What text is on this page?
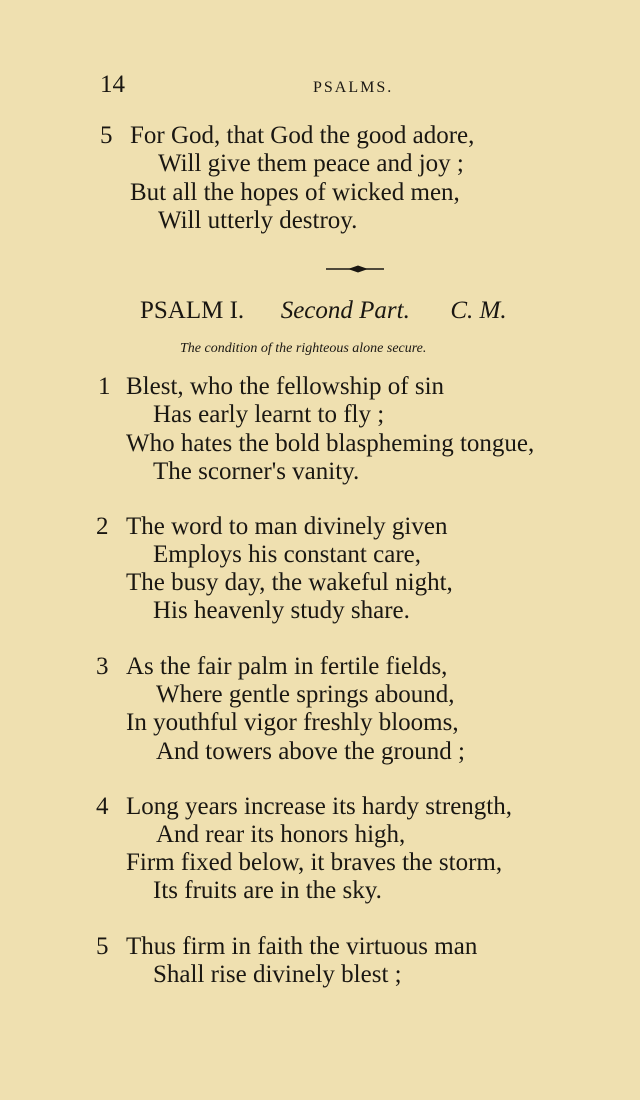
14	PSALMS.
5 For God, that God the good adore,
Will give them peace and joy ;
But all the hopes of wicked men,
Will utterly destroy.
PSALM I. Second Part. C. M.
The condition of the righteous alone secure.
1 Blest, who the fellowship of sin
Has early learnt to fly ;
Who hates the bold blaspheming tongue,
The scorner's vanity.
2 The word to man divinely given
Employs his constant care,
The busy day, the wakeful night,
His heavenly study share.
3 As the fair palm in fertile fields,
Where gentle springs abound,
In youthful vigor freshly blooms,
And towers above the ground ;
4 Long years increase its hardy strength,
And rear its honors high,
Firm fixed below, it braves the storm,
Its fruits are in the sky.
5 Thus firm in faith the virtuous man
Shall rise divinely blest ;
